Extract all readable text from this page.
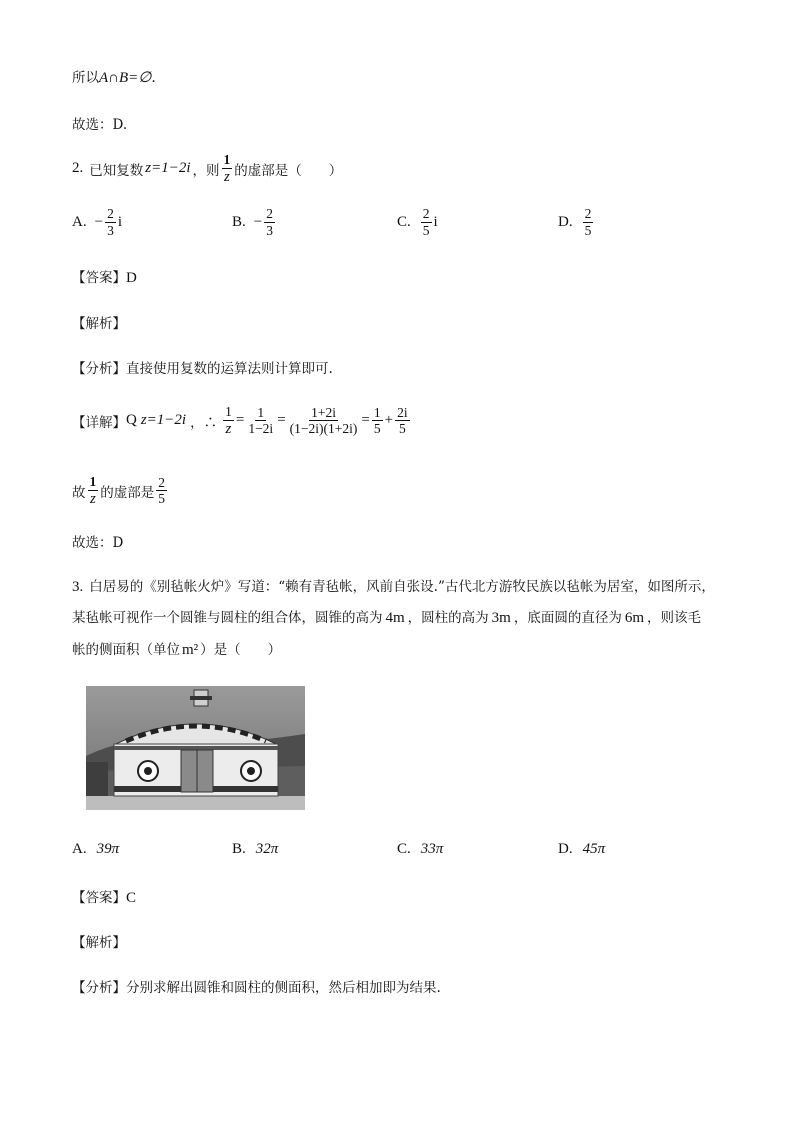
所以A∩B=∅.
故选：D.
2. 已知复数 z=1−2i ，则 $\frac{1}{z}$ 的虚部是（　　）
A. − $\frac{2}{3}$ i	B. − $\frac{2}{3}$	C. $\frac{2}{5}$ i	D. $\frac{2}{5}$
【答案】D
【解析】
【分析】直接使用复数的运算法则计算即可.
【详解】 Q z=1−2i ，∴ $\frac{1}{z} = \frac{1}{1-2i} = \frac{1+2i}{(1-2i)(1+2i)} = \frac{1}{5} + \frac{2i}{5}$
故 $\frac{1}{z}$ 的虚部是 $\frac{2}{5}$
故选：D
3. 白居易的《别毡帐火炉》写道：“赖有青毡帐，风前自张设.”古代北方游牧民族以毡帐为居室，如图所示，
某毡帐可视作一个圆锥与圆柱的组合体，圆锥的高为 4m ，圆柱的高为 3m ，底面圆的直径为 6m ，则该毛
帐的侧面积（单位 m² ）是（　　）
A. 39π	B. 32π	C. 33π	D. 45π
【答案】C
【解析】
【分析】分别求解出圆锥和圆柱的侧面积，然后相加即为结果.
